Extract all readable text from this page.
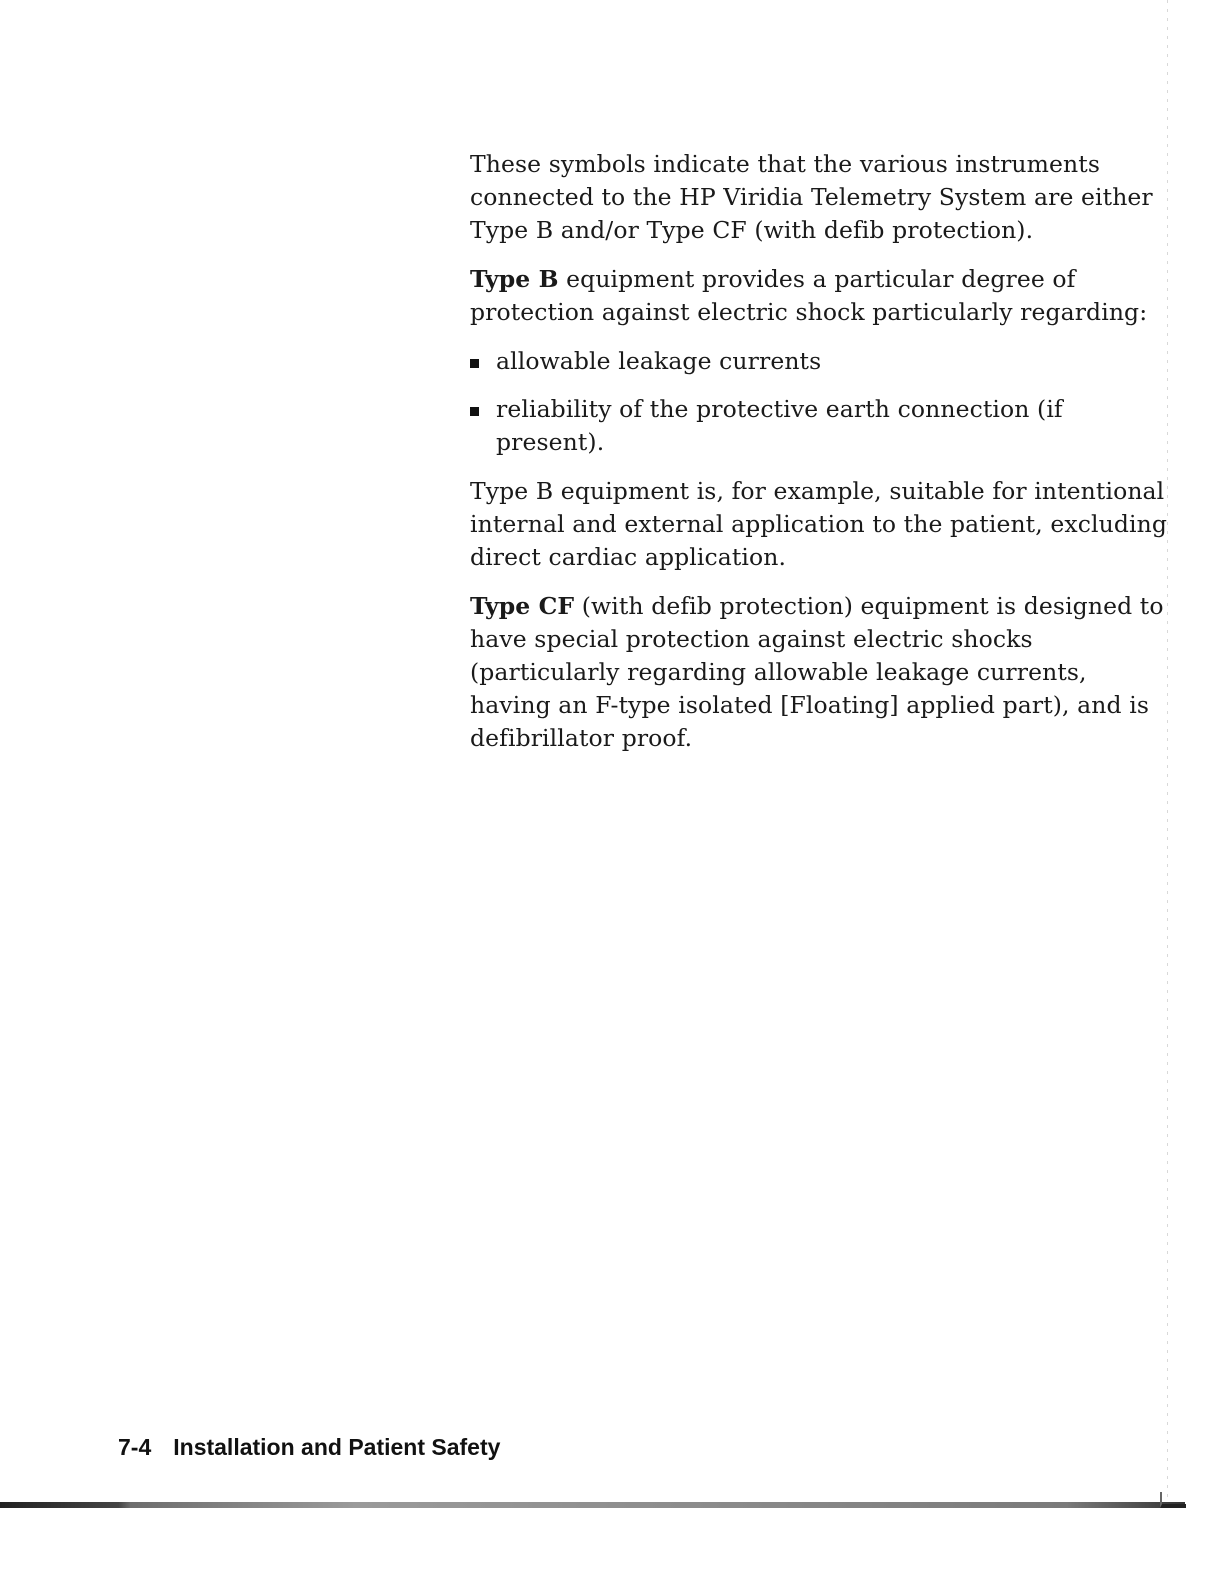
These symbols indicate that the various instruments connected to the HP Viridia Telemetry System are either Type B and/or Type CF (with defib protection).

Type B equipment provides a particular degree of protection against electric shock particularly regarding:

allowable leakage currents
reliability of the protective earth connection (if present).

Type B equipment is, for example, suitable for intentional internal and external application to the patient, excluding direct cardiac application.

Type CF (with defib protection) equipment is designed to have special protection against electric shocks (particularly regarding allowable leakage currents, having an F-type isolated [Floating] applied part), and is defibrillator proof.

7-4 Installation and Patient Safety
